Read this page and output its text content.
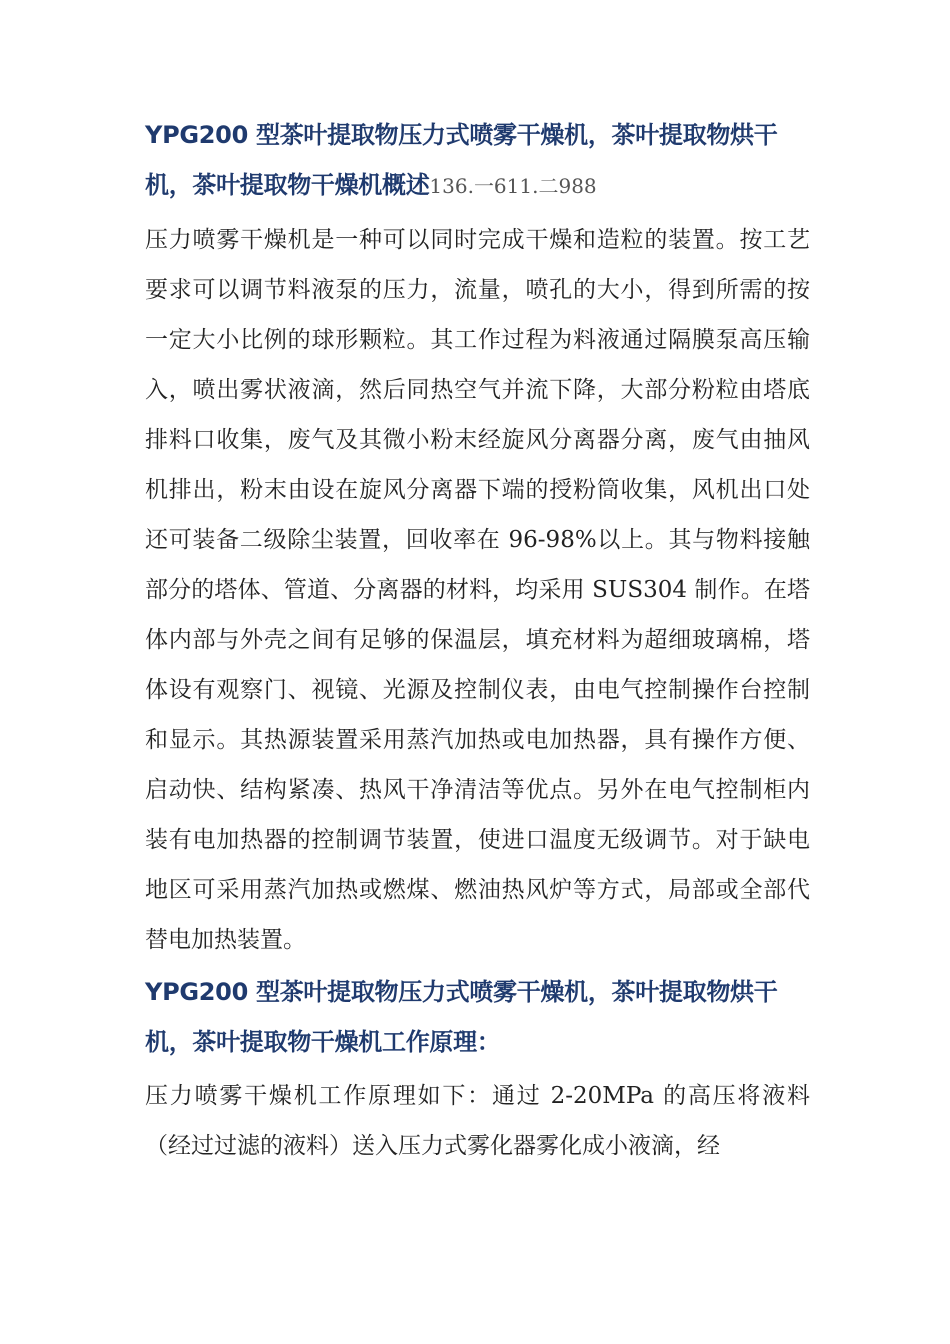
YPG200 型茶叶提取物压力式喷雾干燥机，茶叶提取物烘干机，茶叶提取物干燥机概述136.一611.二988

压力喷雾干燥机是一种可以同时完成干燥和造粒的装置。按工艺要求可以调节料液泵的压力，流量，喷孔的大小，得到所需的按一定大小比例的球形颗粒。其工作过程为料液通过隔膜泵高压输入，喷出雾状液滴，然后同热空气并流下降，大部分粉粒由塔底排料口收集，废气及其微小粉末经旋风分离器分离，废气由抽风机排出，粉末由设在旋风分离器下端的授粉筒收集，风机出口处还可装备二级除尘装置，回收率在 96-98%以上。其与物料接触部分的塔体、管道、分离器的材料，均采用 SUS304 制作。在塔体内部与外壳之间有足够的保温层，填充材料为超细玻璃棉，塔体设有观察门、视镜、光源及控制仪表，由电气控制操作台控制和显示。其热源装置采用蒸汽加热或电加热器，具有操作方便、启动快、结构紧凑、热风干净清洁等优点。另外在电气控制柜内装有电加热器的控制调节装置，使进口温度无级调节。对于缺电地区可采用蒸汽加热或燃煤、燃油热风炉等方式，局部或全部代替电加热装置。

YPG200 型茶叶提取物压力式喷雾干燥机，茶叶提取物烘干机，茶叶提取物干燥机工作原理：

压力喷雾干燥机工作原理如下：通过 2-20MPa 的高压将液料（经过过滤的液料）送入压力式雾化器雾化成小液滴，经
